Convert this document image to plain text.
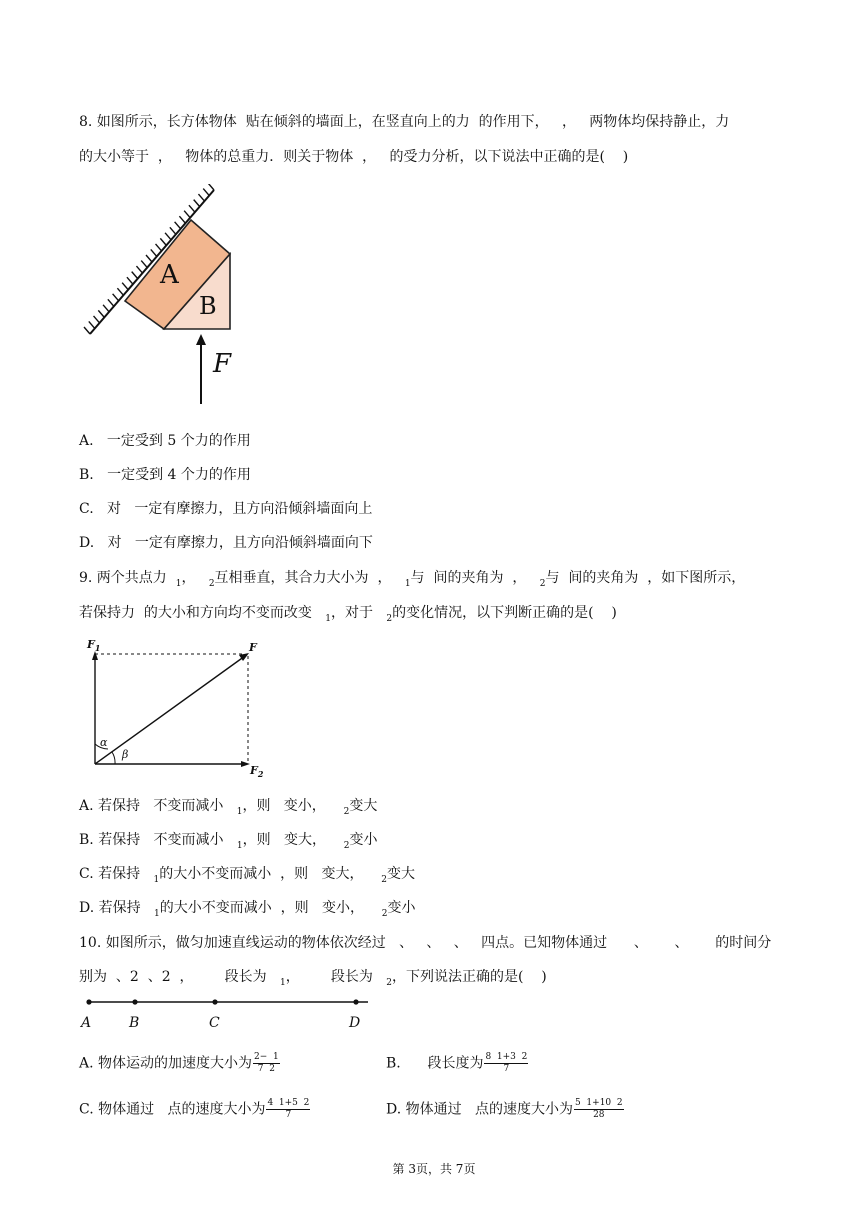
8. 如图所示，长方体物体  贴在倾斜的墙面上，在竖直向上的力  的作用下，   ，   两物体均保持静止，力
的大小等于  ，   物体的总重力．则关于物体  ，   的受力分析，以下说法中正确的是(    )
A
B
F
A.   一定受到 5 个力的作用
B.   一定受到 4 个力的作用
C.   对   一定有摩擦力，且方向沿倾斜墙面向上
D.   对   一定有摩擦力，且方向沿倾斜墙面向下
9. 两个共点力  $_1$，   $_2$互相垂直，其合力大小为  ，   $_1$与  间的夹角为  ，   $_2$与  间的夹角为  ，如下图所示，
若保持力  的大小和方向均不变而改变   $_1$，对于   $_2$的变化情况，以下判断正确的是(    )
$F_1$	F
$F_2$
α
β
A. 若保持   不变而减小   $_1$，则   变小，    $_2$变大
B. 若保持   不变而减小   $_1$，则   变大，    $_2$变小
C. 若保持   $_1$的大小不变而减小  ，则   变大，    $_2$变大
D. 若保持   $_1$的大小不变而减小  ，则   变小，    $_2$变小
10. 如图所示，做匀加速直线运动的物体依次经过   、   、   、   四点。已知物体通过      、      、      的时间分
别为  、2  、2  ，       段长为   $_1$，       段长为   $_2$，下列说法正确的是(    )
A	B	C	D
A. 物体运动的加速度大小为 $\frac{2- 1}{7 2}$	B.      段长度为 $\frac{8 1+3 2}{7}$
C. 物体通过   点的速度大小为 $\frac{4 1+5 2}{7}$	D. 物体通过   点的速度大小为 $\frac{5 1+10 2}{28}$
第 3页，共 7页
